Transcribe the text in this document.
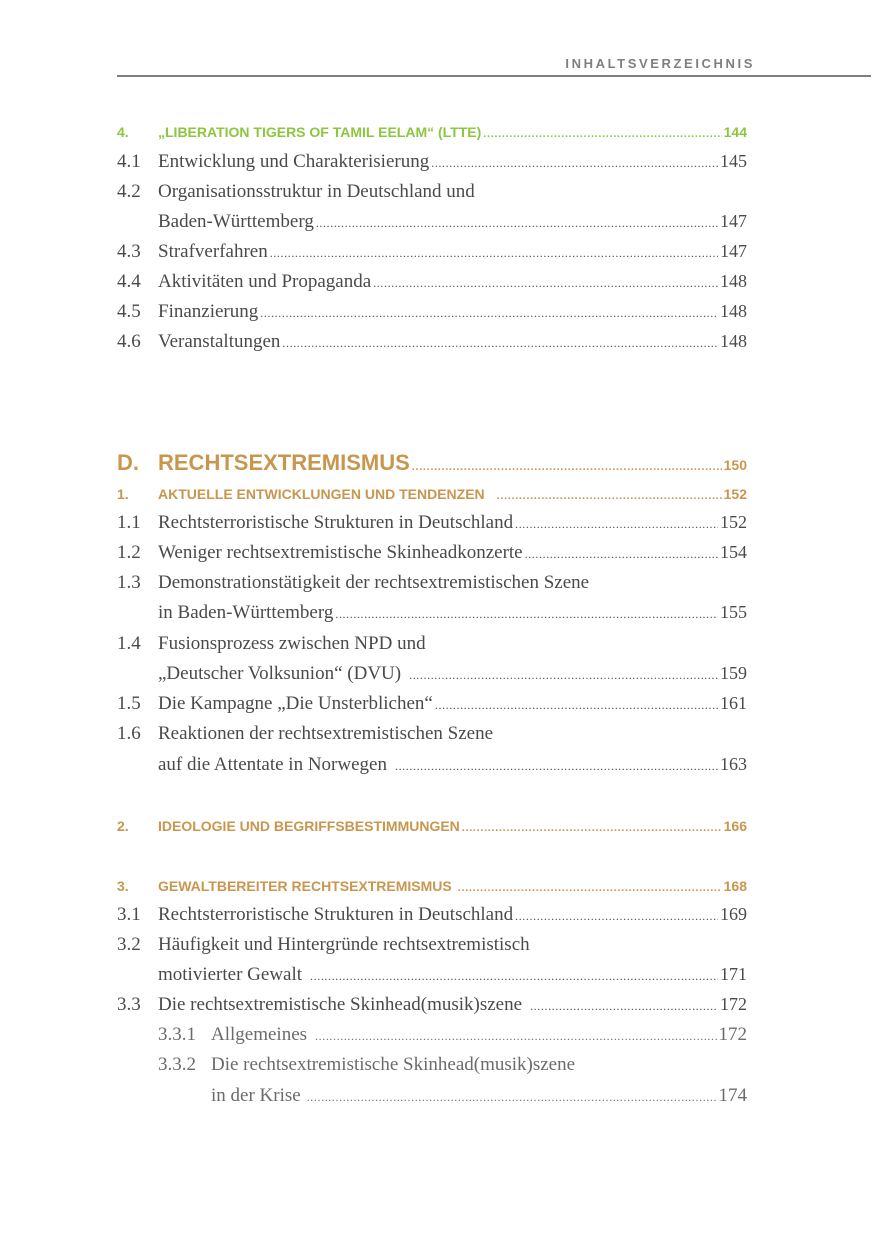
INHALTSVERZEICHNIS
4.	„LIBERATION TIGERS OF TAMIL EELAM“ (LTTE) . . .	144
4.1 Entwicklung und Charakterisierung . . .	145
4.2 Organisationsstruktur in Deutschland und
Baden-Württemberg . . .	147
4.3 Strafverfahren . . .	147
4.4 Aktivitäten und Propaganda . . .	148
4.5 Finanzierung . . .	148
4.6 Veranstaltungen . . .	148
D. RECHTSEXTREMISMUS . . .	150
1.	AKTUELLE ENTWICKLUNGEN UND TENDENZEN . . .	152
1.1 Rechtsterroristische Strukturen in Deutschland . . .	152
1.2 Weniger rechtsextremistische Skinheadkonzerte . . .	154
1.3 Demonstrationstätigkeit der rechtsextremistischen Szene
in Baden-Württemberg . . .	155
1.4 Fusionsprozess zwischen NPD und
„Deutscher Volksunion“ (DVU) . . .	159
1.5 Die Kampagne „Die Unsterblichen“ . . .	161
1.6 Reaktionen der rechtsextremistischen Szene
auf die Attentate in Norwegen . . .	163
2.	IDEOLOGIE UND BEGRIFFSBESTIMMUNGEN . . .	166
3.	GEWALTBEREITER RECHTSEXTREMISMUS . . .	168
3.1 Rechtsterroristische Strukturen in Deutschland . . .	169
3.2 Häufigkeit und Hintergründe rechtsextremistisch
motivierter Gewalt . . .	171
3.3 Die rechtsextremistische Skinhead(musik)szene . . .	172
3.3.1 Allgemeines . . .	172
3.3.2 Die rechtsextremistische Skinhead(musik)szene
in der Krise . . .	174
